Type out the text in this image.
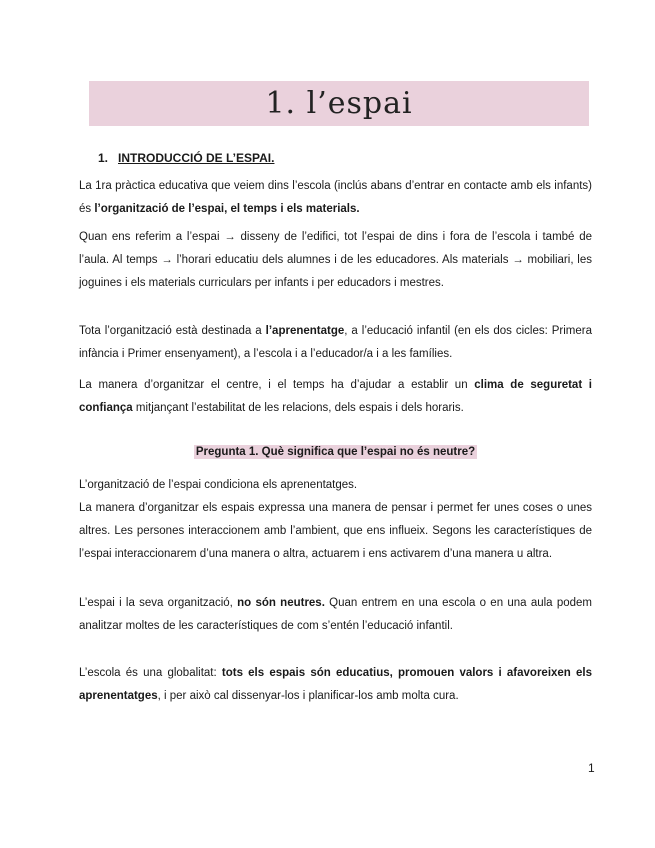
1. l’espai
1. INTRODUCCIÓ DE L’ESPAI.
La 1ra pràctica educativa que veiem dins l’escola (inclús abans d’entrar en contacte amb els infants) és l’organització de l’espai, el temps i els materials.
Quan ens referim a l’espai → disseny de l’edifici, tot l’espai de dins i fora de l’escola i també de l’aula. Al temps → l’horari educatiu dels alumnes i de les educadores. Als materials → mobiliari, les joguines i els materials curriculars per infants i per educadors i mestres.
Tota l’organització està destinada a l’aprenentatge, a l’educació infantil (en els dos cicles: Primera infància i Primer ensenyament), a l’escola i a l’educador/a i a les famílies.
La manera d’organitzar el centre, i el temps ha d’ajudar a establir un clima de seguretat i confiança mitjançant l’estabilitat de les relacions, dels espais i dels horaris.
Pregunta 1. Què significa que l’espai no és neutre?
L’organització de l’espai condiciona els aprenentatges.
La manera d’organitzar els espais expressa una manera de pensar i permet fer unes coses o unes altres. Les persones interaccionem amb l’ambient, que ens influeix. Segons les característiques de l’espai interaccionarem d’una manera o altra, actuarem i ens activarem d’una manera u altra.
L’espai i la seva organització, no són neutres. Quan entrem en una escola o en una aula podem analitzar moltes de les característiques de com s’entén l’educació infantil.
L’escola és una globalitat: tots els espais són educatius, promouen valors i afavoreixen els aprenentatges, i per això cal dissenyar-los i planificar-los amb molta cura.
1
